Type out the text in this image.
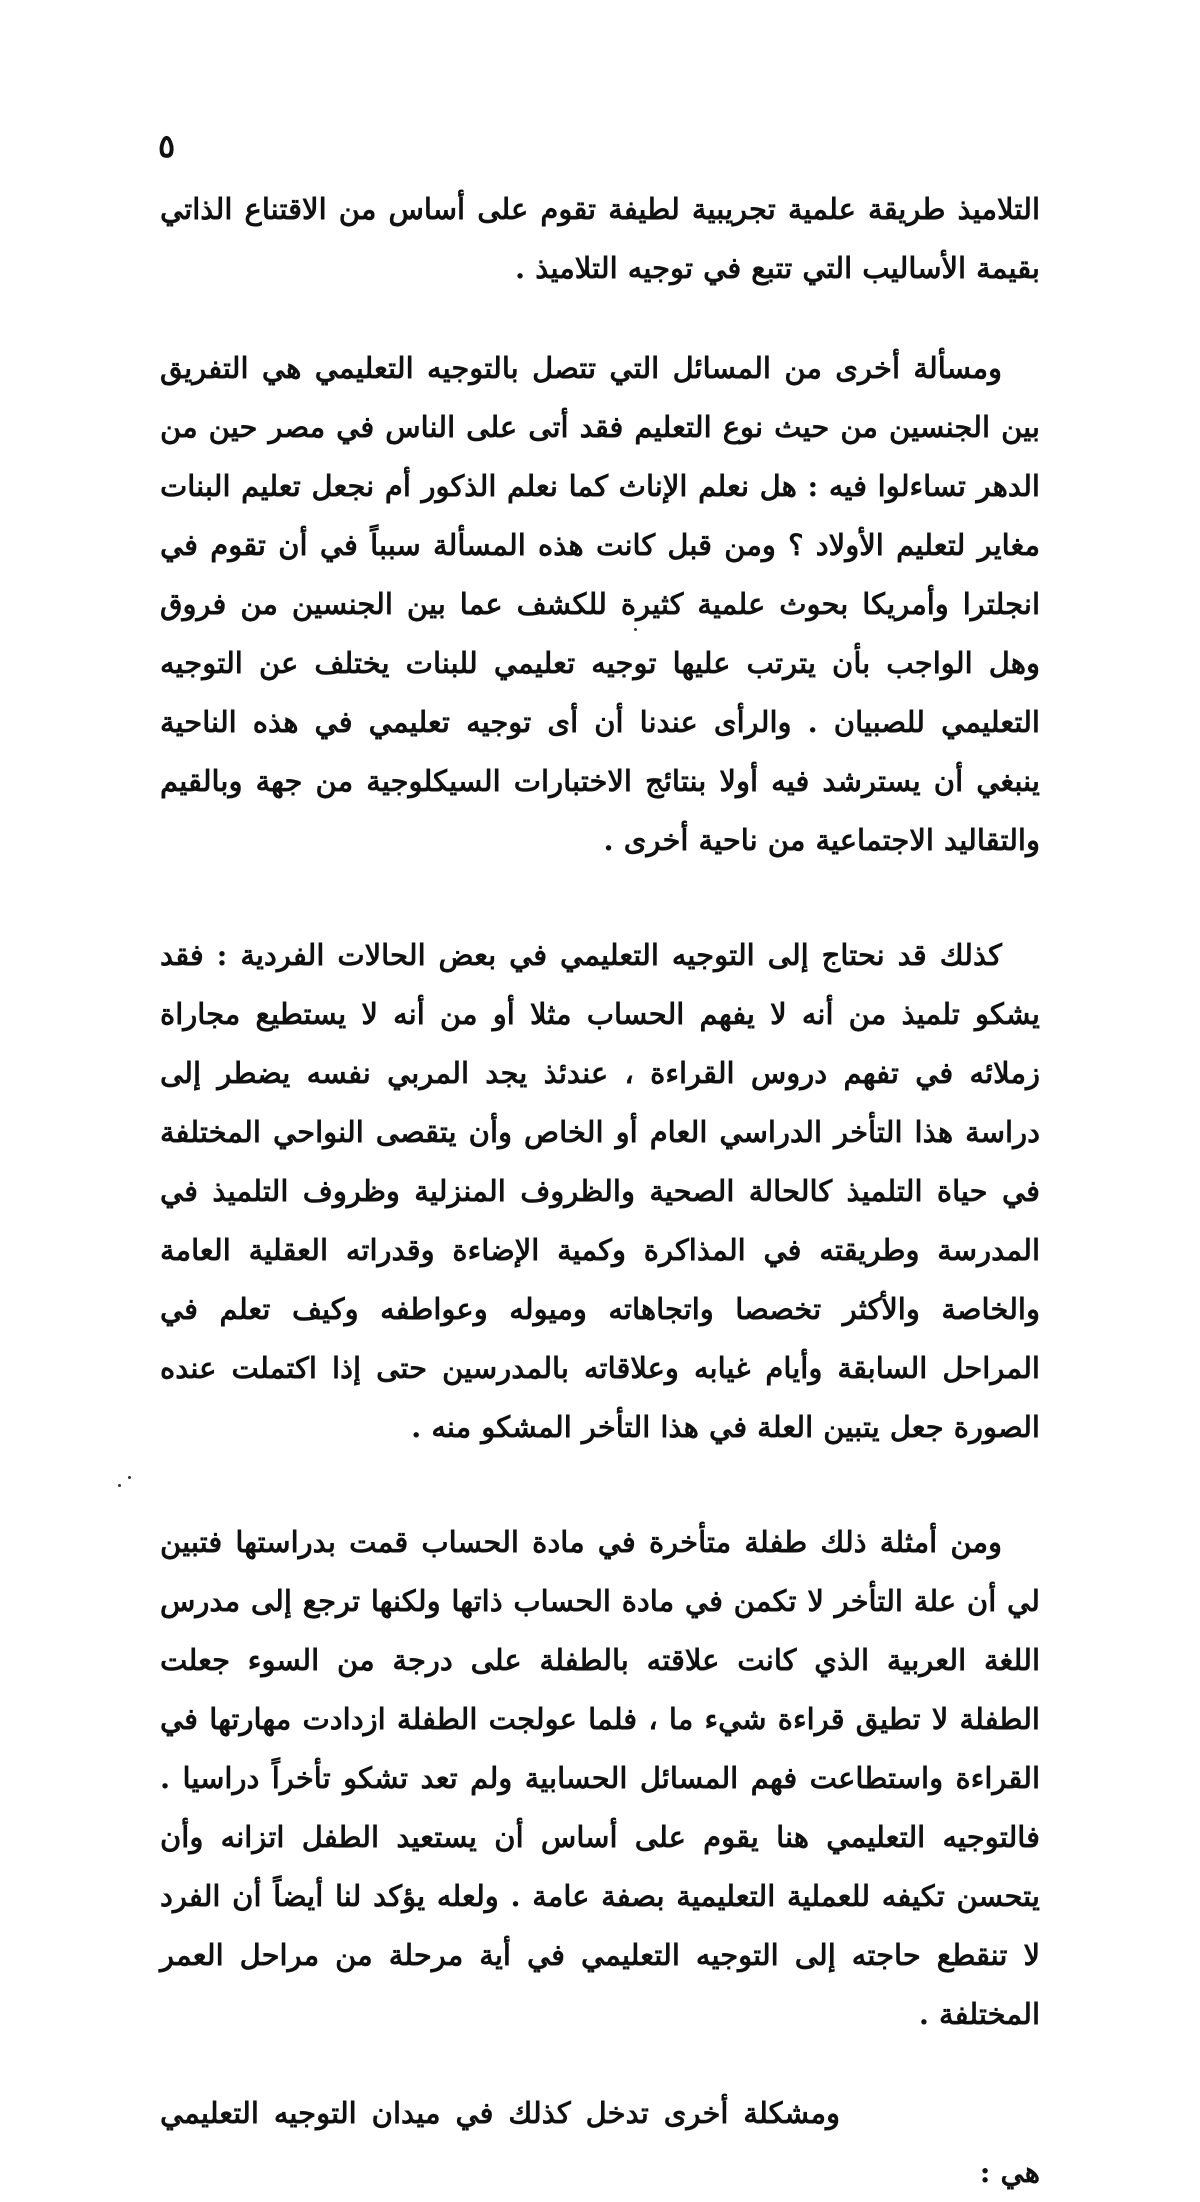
٥

التلاميذ طريقة علمية تجريبية لطيفة تقوم على أساس من الاقتناع الذاتي بقيمة الأساليب التي تتبع في توجيه التلاميذ .

ومسألة أخرى من المسائل التي تتصل بالتوجيه التعليمي هي التفريق بين الجنسين من حيث نوع التعليم فقد أتى على الناس في مصر حين من الدهر تساءلوا فيه : هل نعلم الإناث كما نعلم الذكور أم نجعل تعليم البنات مغاير لتعليم الأولاد ؟ ومن قبل كانت هذه المسألة سبباً في أن تقوم في انجلترا وأمريكا بحوث علمية كثيرة للكشف عما بين الجنسين من فروق وهل الواجب بأن يترتب عليها توجيه تعليمي للبنات يختلف عن التوجيه التعليمي للصبيان . والرأى عندنا أن أى توجيه تعليمي في هذه الناحية ينبغي أن يسترشد فيه أولا بنتائج الاختبارات السيكلوجية من جهة وبالقيم والتقاليد الاجتماعية من ناحية أخرى .

كذلك قد نحتاج إلى التوجيه التعليمي في بعض الحالات الفردية : فقد يشكو تلميذ من أنه لا يفهم الحساب مثلا أو من أنه لا يستطيع مجاراة زملائه في تفهم دروس القراءة ، عندئذ يجد المربي نفسه يضطر إلى دراسة هذا التأخر الدراسي العام أو الخاص وأن يتقصى النواحي المختلفة في حياة التلميذ كالحالة الصحية والظروف المنزلية وظروف التلميذ في المدرسة وطريقته في المذاكرة وكمية الإضاءة وقدراته العقلية العامة والخاصة والأكثر تخصصا واتجاهاته وميوله وعواطفه وكيف تعلم في المراحل السابقة وأيام غيابه وعلاقاته بالمدرسين حتى إذا اكتملت عنده الصورة جعل يتبين العلة في هذا التأخر المشكو منه .

ومن أمثلة ذلك طفلة متأخرة في مادة الحساب قمت بدراستها فتبين لي أن علة التأخر لا تكمن في مادة الحساب ذاتها ولكنها ترجع إلى مدرس اللغة العربية الذي كانت علاقته بالطفلة على درجة من السوء جعلت الطفلة لا تطيق قراءة شيء ما ، فلما عولجت الطفلة ازدادت مهارتها في القراءة واستطاعت فهم المسائل الحسابية ولم تعد تشكو تأخراً دراسيا . فالتوجيه التعليمي هنا يقوم على أساس أن يستعيد الطفل اتزانه وأن يتحسن تكيفه للعملية التعليمية بصفة عامة . ولعله يؤكد لنا أيضاً أن الفرد لا تنقطع حاجته إلى التوجيه التعليمي في أية مرحلة من مراحل العمر المختلفة .

ومشكلة أخرى تدخل كذلك في ميدان التوجيه التعليمي هي :
